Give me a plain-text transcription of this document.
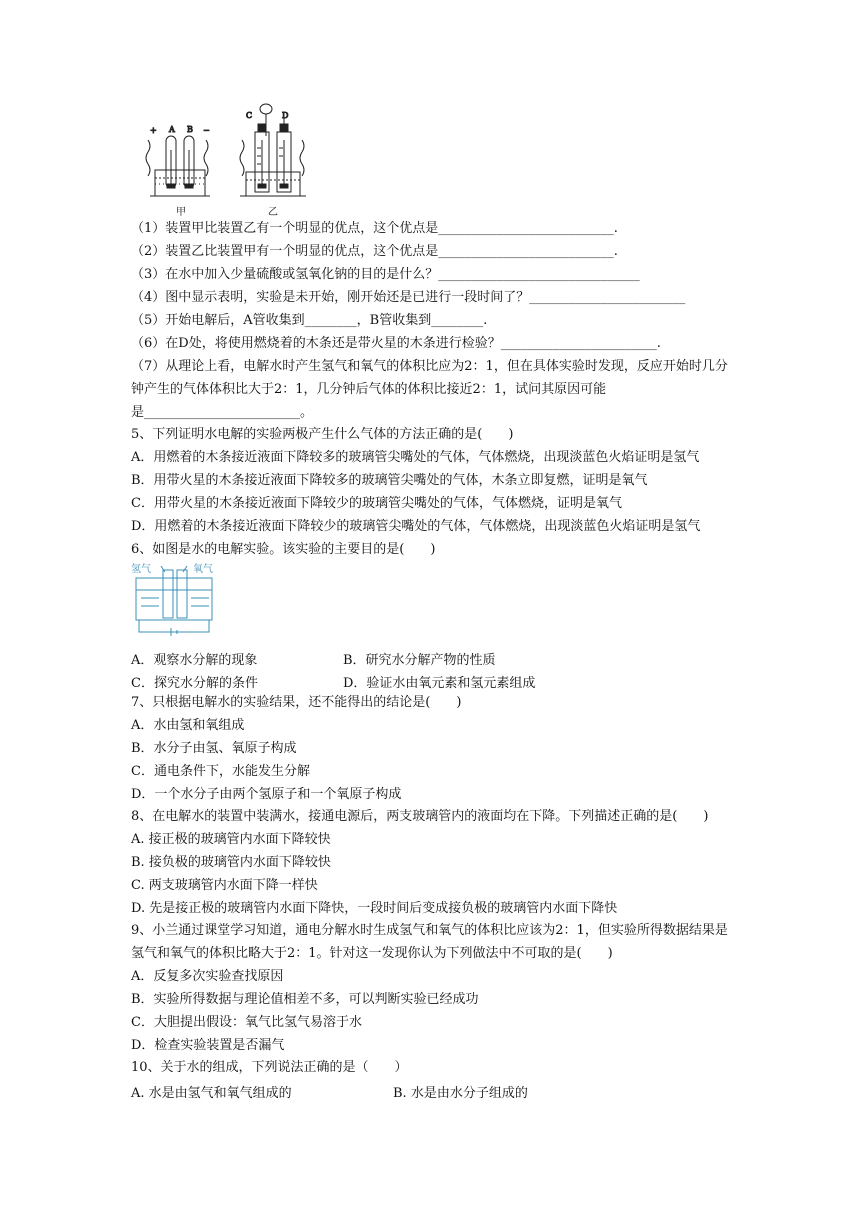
+ A B −
C	D
甲	乙
（1）装置甲比装置乙有一个明显的优点，这个优点是___________________________.
（2）装置乙比装置甲有一个明显的优点，这个优点是___________________________.
（3）在水中加入少量硫酸或氢氧化钠的目的是什么？_______________________________
（4）图中显示表明，实验是未开始，刚开始还是已进行一段时间了？________________________
（5）开始电解后，A管收集到________，B管收集到________.
（6）在D处，将使用燃烧着的木条还是带火星的木条进行检验？________________________.
（7）从理论上看，电解水时产生氢气和氧气的体积比应为2：1，但在具体实验时发现，反应开始时几分
钟产生的气体体积比大于2：1，几分钟后气体的体积比接近2：1，试问其原因可能
是________________________。
5、下列证明水电解的实验两极产生什么气体的方法正确的是(　　)
A．用燃着的木条接近液面下降较多的玻璃管尖嘴处的气体，气体燃烧，出现淡蓝色火焰证明是氢气
B．用带火星的木条接近液面下降较多的玻璃管尖嘴处的气体，木条立即复燃，证明是氧气
C．用带火星的木条接近液面下降较少的玻璃管尖嘴处的气体，气体燃烧，证明是氧气
D．用燃着的木条接近液面下降较少的玻璃管尖嘴处的气体，气体燃烧，出现淡蓝色火焰证明是氢气
6、如图是水的电解实验。该实验的主要目的是(　　)
氢气	氧气
A．观察水分解的现象	B．研究水分解产物的性质
C．探究水分解的条件	D．验证水由氧元素和氢元素组成
7、只根据电解水的实验结果，还不能得出的结论是(　　)
A．水由氢和氧组成
B．水分子由氢、氧原子构成
C．通电条件下，水能发生分解
D．一个水分子由两个氢原子和一个氧原子构成
8、在电解水的装置中装满水，接通电源后，两支玻璃管内的液面均在下降。下列描述正确的是(　　)
A. 接正极的玻璃管内水面下降较快
B. 接负极的玻璃管内水面下降较快
C. 两支玻璃管内水面下降一样快
D. 先是接正极的玻璃管内水面下降快，一段时间后变成接负极的玻璃管内水面下降快
9、小兰通过课堂学习知道，通电分解水时生成氢气和氧气的体积比应该为2：1，但实验所得数据结果是
氢气和氧气的体积比略大于2：1。针对这一发现你认为下列做法中不可取的是(　　)
A．反复多次实验查找原因
B．实验所得数据与理论值相差不多，可以判断实验已经成功
C．大胆提出假设：氧气比氢气易溶于水
D．检查实验装置是否漏气
10、关于水的组成，下列说法正确的是（　　）
A. 水是由氢气和氧气组成的	B. 水是由水分子组成的
